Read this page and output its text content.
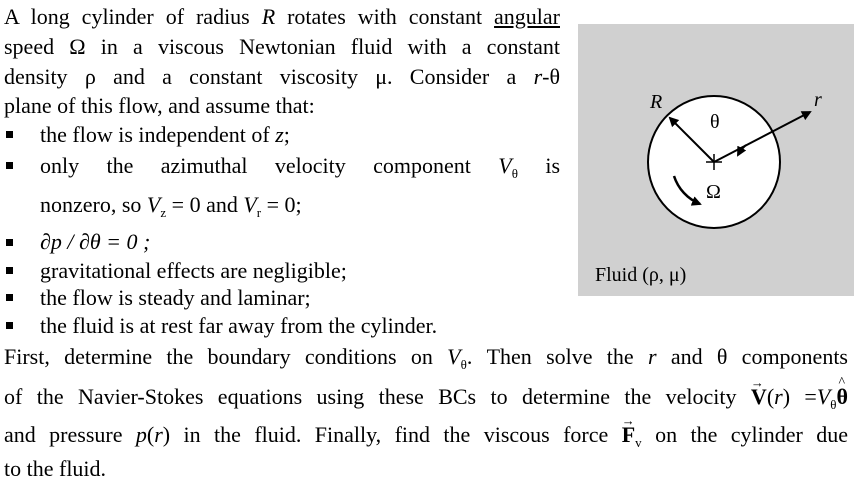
A long cylinder of radius R rotates with constant angular
speed Ω in a viscous Newtonian fluid with a constant
density ρ and a constant viscosity μ. Consider a r-θ
plane of this flow, and assume that:
the flow is independent of z;
only the azimuthal velocity component $V_\theta$ is
nonzero, so $V_z = 0$ and $V_r = 0$;
∂p / ∂θ = 0 ;
gravitational effects are negligible;
the flow is steady and laminar;
the fluid is at rest far away from the cylinder.
First, determine the boundary conditions on $V_\theta$. Then solve the r and θ components
of the Navier-Stokes equations using these BCs to determine the velocity → $V(r) =V_\theta\^{}$ θ
and pressure p(r) in the fluid. Finally, find the viscous force → $F_v$ on the cylinder due
to the fluid.
R
θ
r
Ω
Fluid (ρ, μ)
